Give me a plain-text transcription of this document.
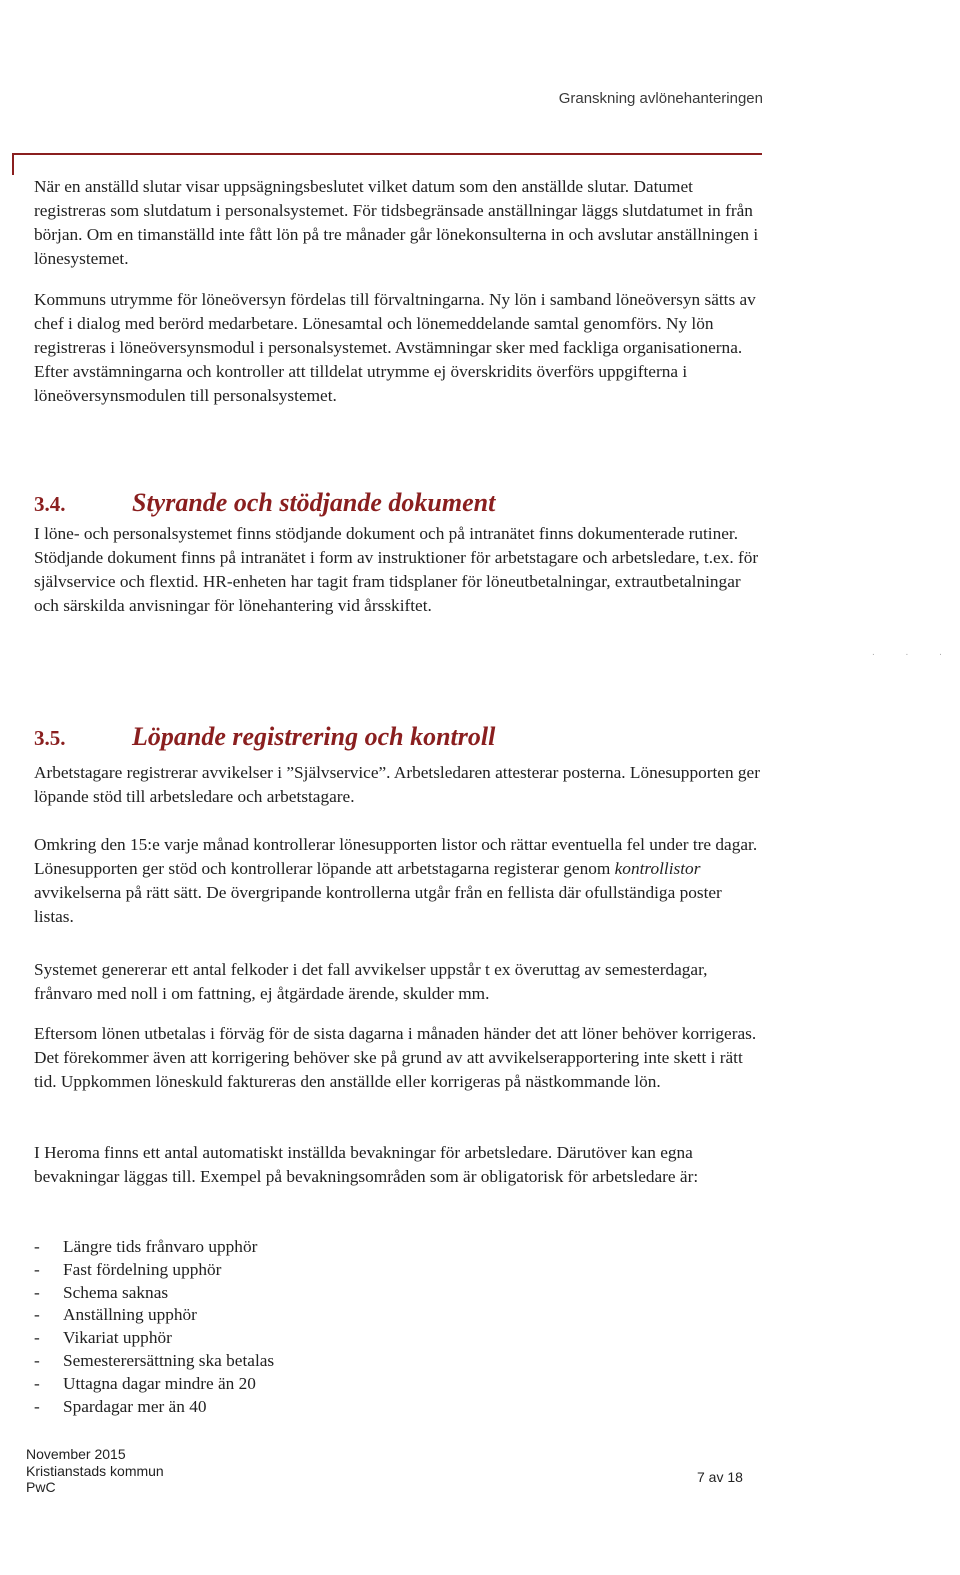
Granskning avlönehanteringen

När en anställd slutar visar uppsägningsbeslutet vilket datum som den anställde slutar. Datumet registreras som slutdatum i personalsystemet. För tidsbegränsade anställningar läggs slutdatumet in från början. Om en timanställd inte fått lön på tre månader går lönekonsulterna in och avslutar anställningen i lönesystemet.

Kommuns utrymme för löneöversyn fördelas till förvaltningarna. Ny lön i samband löneöversyn sätts av chef i dialog med berörd medarbetare. Lönesamtal och lönemeddelande samtal genomförs. Ny lön registreras i löneöversynsmodul i personalsystemet. Avstämningar sker med fackliga organisationerna. Efter avstämningarna och kontroller att tilldelat utrymme ej överskridits överförs uppgifterna i löneöversynsmodulen till personalsystemet.

3.4.	Styrande och stödjande dokument

I löne- och personalsystemet finns stödjande dokument och på intranätet finns dokumenterade rutiner. Stödjande dokument finns på intranätet i form av instruktioner för arbetstagare och arbetsledare, t.ex. för självservice och flextid. HR-enheten har tagit fram tidsplaner för löneutbetalningar, extrautbetalningar och särskilda anvisningar för lönehantering vid årsskiftet.

. . .
3.5.	Löpande registrering och kontroll

Arbetstagare registrerar avvikelser i ”Självservice”. Arbetsledaren attesterar posterna. Lönesupporten ger löpande stöd till arbetsledare och arbetstagare.

Omkring den 15:e varje månad kontrollerar lönesupporten listor och rättar eventuella fel under tre dagar. Lönesupporten ger stöd och kontrollerar löpande att arbetstagarna registerar genom kontrollistor avvikelserna på rätt sätt. De övergripande kontrollerna utgår från en fellista där ofullständiga poster listas.

Systemet genererar ett antal felkoder i det fall avvikelser uppstår t ex överuttag av semesterdagar, frånvaro med noll i om fattning, ej åtgärdade ärende, skulder mm.

Eftersom lönen utbetalas i förväg för de sista dagarna i månaden händer det att löner behöver korrigeras. Det förekommer även att korrigering behöver ske på grund av att avvikelserapportering inte skett i rätt tid. Uppkommen löneskuld faktureras den anställde eller korrigeras på nästkommande lön.

I Heroma finns ett antal automatiskt inställda bevakningar för arbetsledare. Därutöver kan egna bevakningar läggas till. Exempel på bevakningsområden som är obligatorisk för arbetsledare är:

- Längre tids frånvaro upphör
- Fast fördelning upphör
- Schema saknas
- Anställning upphör
- Vikariat upphör
- Semesterersättning ska betalas
- Uttagna dagar mindre än 20
- Spardagar mer än 40
November 2015
Kristianstads kommun
PwC
7 av 18
